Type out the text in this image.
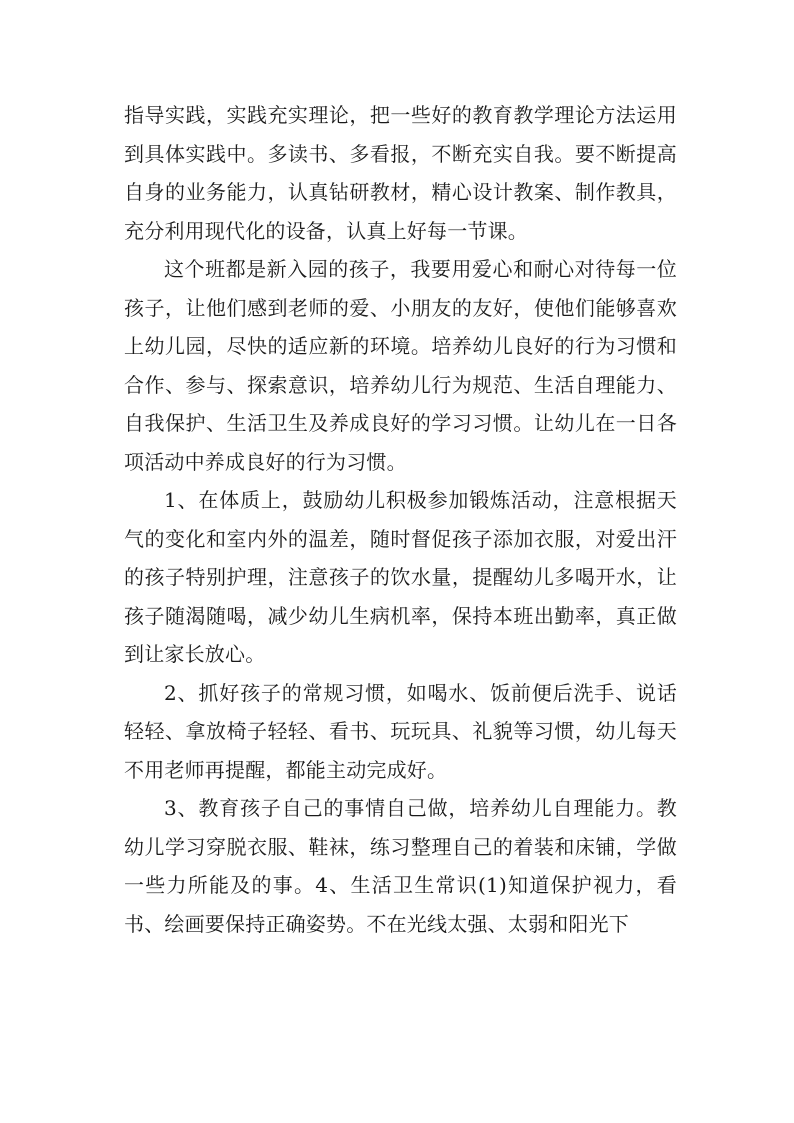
指导实践，实践充实理论，把一些好的教育教学理论方法运用到具体实践中。多读书、多看报，不断充实自我。要不断提高自身的业务能力，认真钻研教材，精心设计教案、制作教具，充分利用现代化的设备，认真上好每一节课。

这个班都是新入园的孩子，我要用爱心和耐心对待每一位孩子，让他们感到老师的爱、小朋友的友好，使他们能够喜欢上幼儿园，尽快的适应新的环境。培养幼儿良好的行为习惯和合作、参与、探索意识，培养幼儿行为规范、生活自理能力、自我保护、生活卫生及养成良好的学习习惯。让幼儿在一日各项活动中养成良好的行为习惯。

1、在体质上，鼓励幼儿积极参加锻炼活动，注意根据天气的变化和室内外的温差，随时督促孩子添加衣服，对爱出汗的孩子特别护理，注意孩子的饮水量，提醒幼儿多喝开水，让孩子随渴随喝，减少幼儿生病机率，保持本班出勤率，真正做到让家长放心。

2、抓好孩子的常规习惯，如喝水、饭前便后洗手、说话轻轻、拿放椅子轻轻、看书、玩玩具、礼貌等习惯，幼儿每天不用老师再提醒，都能主动完成好。

3、教育孩子自己的事情自己做，培养幼儿自理能力。教幼儿学习穿脱衣服、鞋袜，练习整理自己的着装和床铺，学做一些力所能及的事。4、生活卫生常识(1)知道保护视力，看书、绘画要保持正确姿势。不在光线太强、太弱和阳光下
